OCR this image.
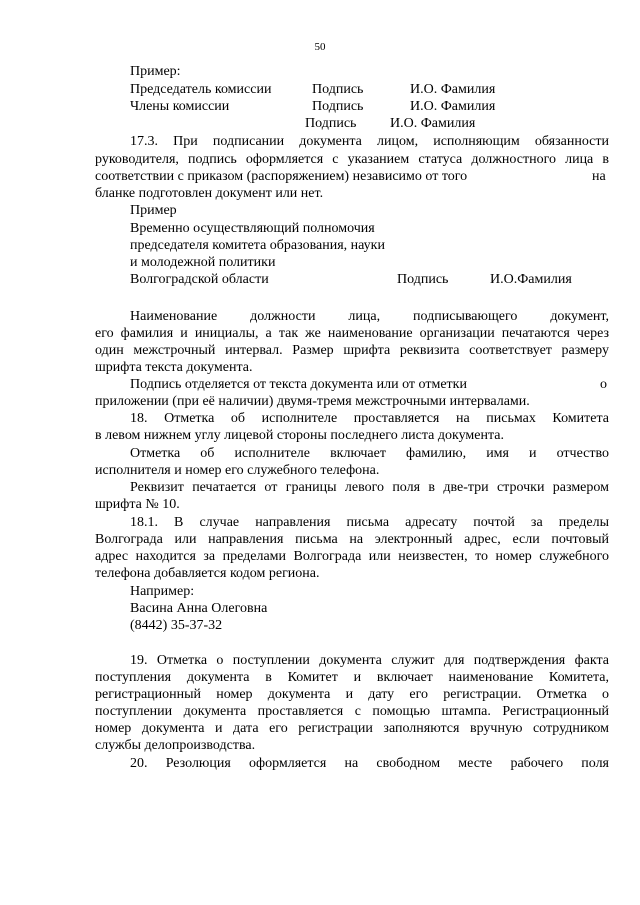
50
Пример:
Председатель комиссии	Подпись	И.О. Фамилия
Члены комиссии	Подпись	И.О. Фамилия
Подпись И.О. Фамилия
17.3. При подписании документа лицом, исполняющим обязанности
руководителя, подпись оформляется с указанием статуса должностного лица в
соответствии с приказом (распоряжением) независимо от того	на
бланке подготовлен документ или нет.
Пример
Временно осуществляющий полномочия
председателя комитета образования, науки
и молодежной политики
Волгоградской области	Подпись	И.О.Фамилия
Наименование должности лица, подписывающего документ,
его фамилия и инициалы, а так же наименование организации печатаются через
один межстрочный интервал. Размер шрифта реквизита соответствует размеру
шрифта текста документа.
Подпись отделяется от текста документа или от отметки	о
приложении (при её наличии) двумя-тремя межстрочными интервалами.
18. Отметка об исполнителе проставляется на письмах Комитета
в левом нижнем углу лицевой стороны последнего листа документа.
Отметка об исполнителе включает фамилию, имя и отчество
исполнителя и номер его служебного телефона.
Реквизит печатается от границы левого поля в две-три строчки размером
шрифта № 10.
18.1. В случае направления письма адресату почтой за пределы
Волгограда или направления письма на электронный адрес, если почтовый
адрес находится за пределами Волгограда или неизвестен, то номер служебного
телефона добавляется кодом региона.
Например:
Васина Анна Олеговна
(8442) 35-37-32
19. Отметка о поступлении документа служит для подтверждения факта
поступления документа в Комитет и включает наименование Комитета,
регистрационный номер документа и дату его регистрации. Отметка о
поступлении документа проставляется с помощью штампа. Регистрационный
номер документа и дата его регистрации заполняются вручную сотрудником
службы делопроизводства.
20. Резолюция оформляется на свободном месте рабочего поля
